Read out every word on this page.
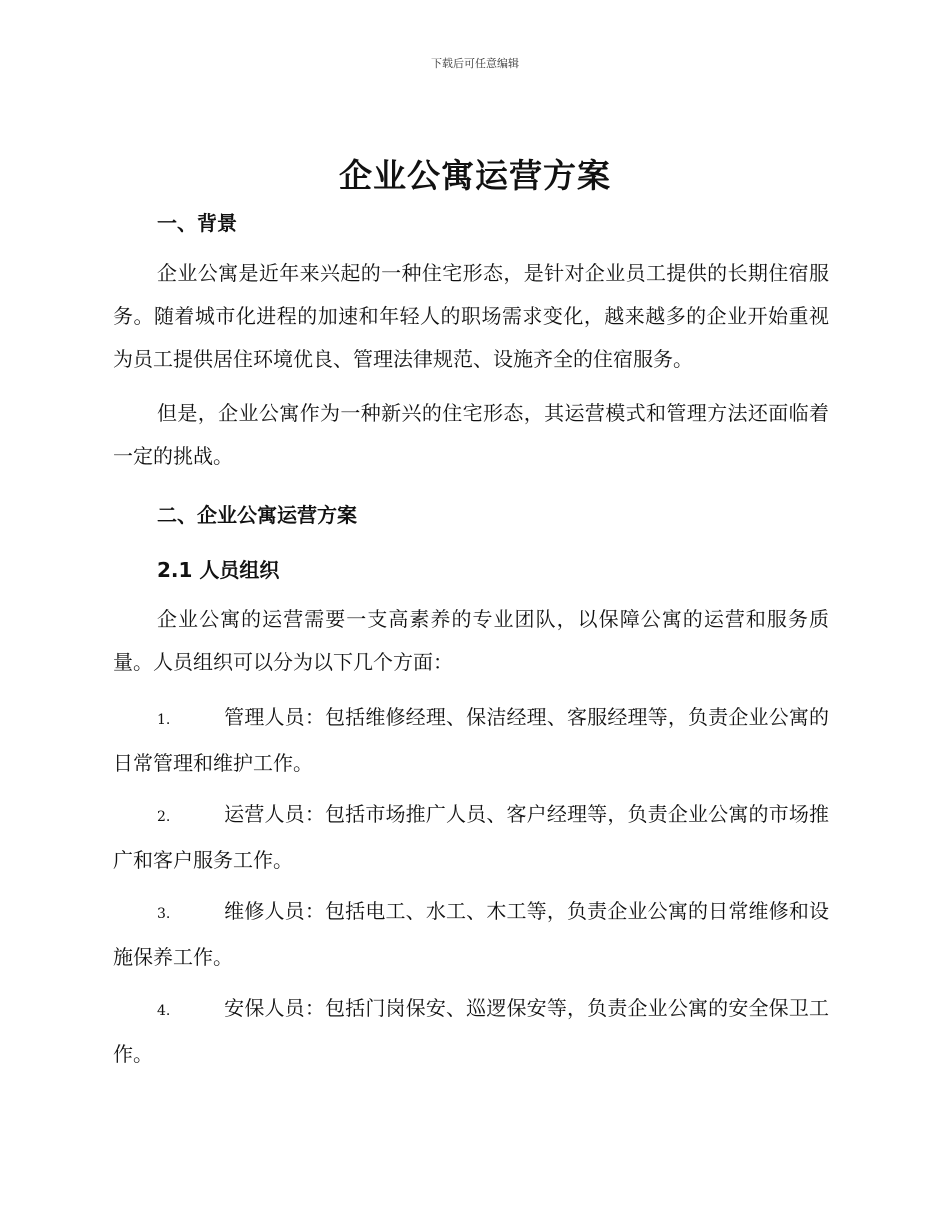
下载后可任意编辑
企业公寓运营方案
一、背景
企业公寓是近年来兴起的一种住宅形态，是针对企业员工提供的长期住宿服务。随着城市化进程的加速和年轻人的职场需求变化，越来越多的企业开始重视为员工提供居住环境优良、管理法律规范、设施齐全的住宿服务。
但是，企业公寓作为一种新兴的住宅形态，其运营模式和管理方法还面临着一定的挑战。
二、企业公寓运营方案
2.1 人员组织
企业公寓的运营需要一支高素养的专业团队，以保障公寓的运营和服务质量。人员组织可以分为以下几个方面：
1.	管理人员：包括维修经理、保洁经理、客服经理等，负责企业公寓的日常管理和维护工作。
2.	运营人员：包括市场推广人员、客户经理等，负责企业公寓的市场推广和客户服务工作。
3.	维修人员：包括电工、水工、木工等，负责企业公寓的日常维修和设施保养工作。
4.	安保人员：包括门岗保安、巡逻保安等，负责企业公寓的安全保卫工作。
